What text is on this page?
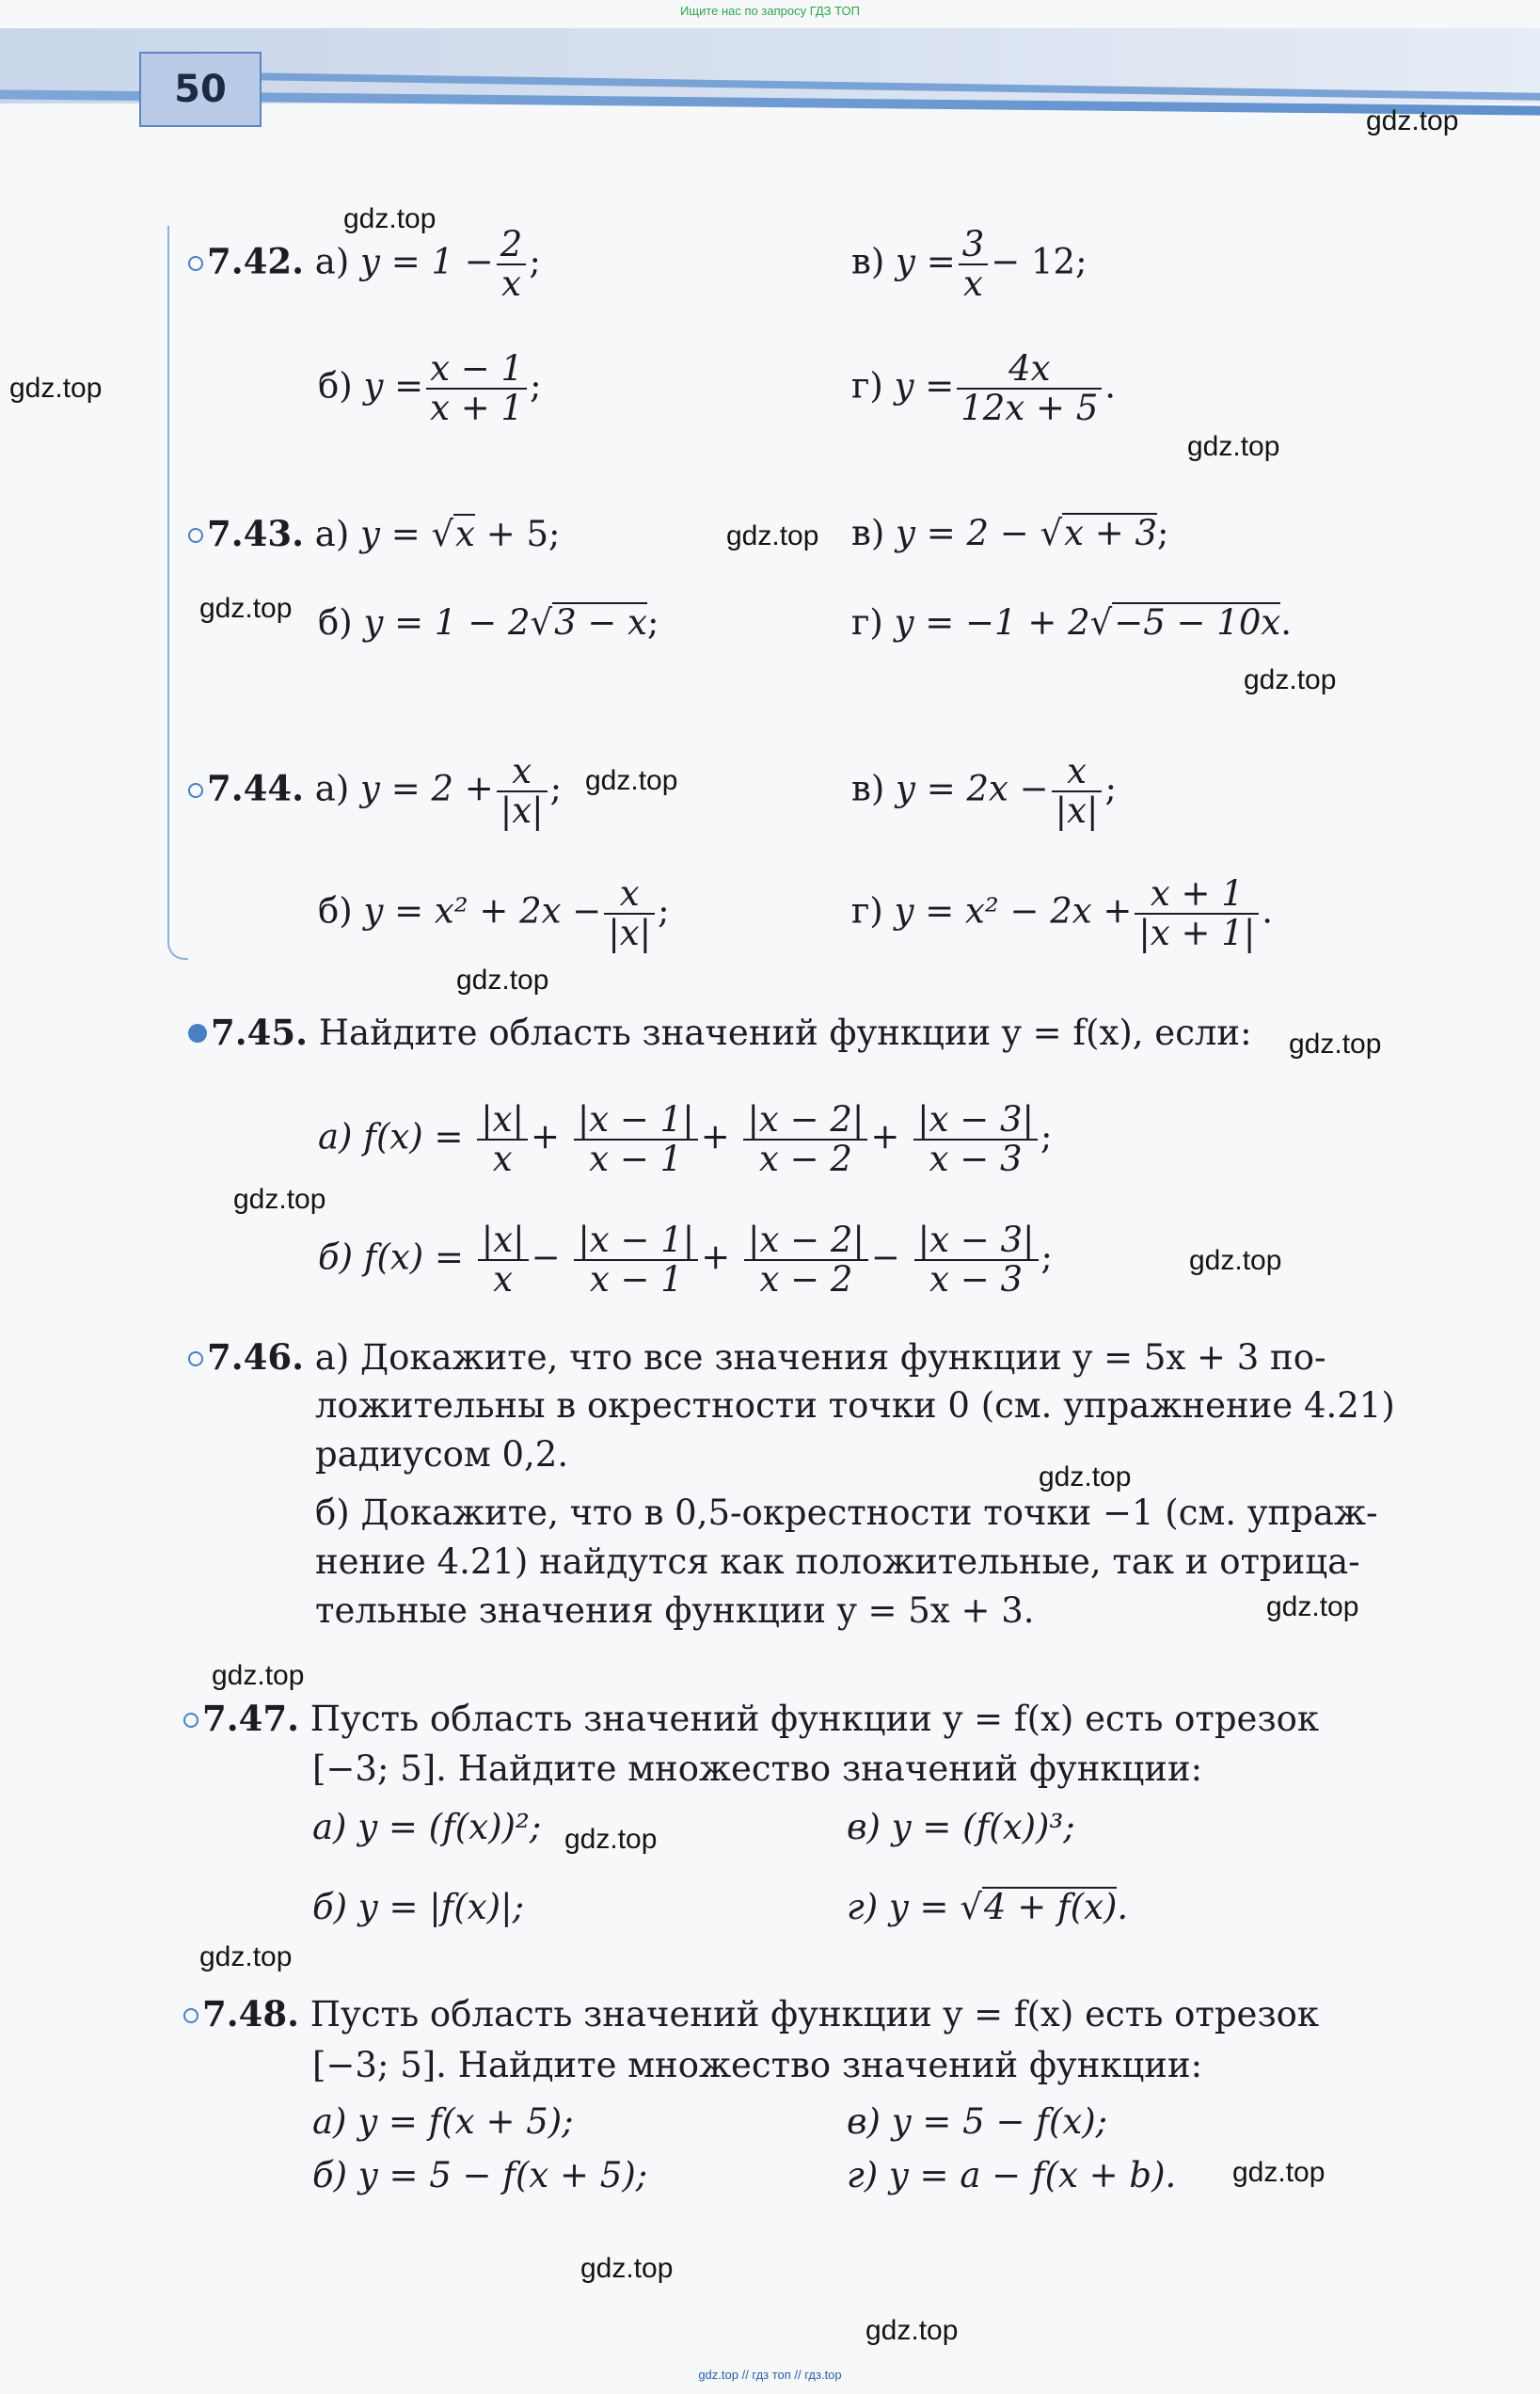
Ищите нас по запросу ГДЗ ТОП
50
gdz.top
gdz.top
gdz.top
gdz.top
gdz.top
gdz.top
gdz.top
gdz.top
gdz.top
gdz.top
gdz.top
gdz.top
gdz.top
gdz.top
gdz.top
gdz.top
gdz.top
gdz.top
gdz.top
gdz.top
7.42. а) $y = 1 - \frac{2}{x}$ ;	в) $y = \frac{3}{x} - 12$;
б) $y = \frac{x - 1}{x + 1}$ ;	г) $y = \frac{4x}{12x + 5}$ .
7.43. а) y = √x + 5;	в) y = 2 − √x + 3;
б) y = 1 − 2√3 − x;	г) y = −1 + 2√−5 − 10x.
7.44. а) $y = 2 + \frac{x}{|x|}$ ;	в) $y = 2x - \frac{x}{|x|}$ ;
б) $y = x^2 + 2x - \frac{x}{|x|}$ ;	г) $y = x^2 - 2x + \frac{x + 1}{|x + 1|}$ .
7.45. Найдите область значений функции y = f(x), если:
а) $f(x) = \frac{|x|}{x} + \frac{|x - 1|}{x - 1} + \frac{|x - 2|}{x - 2} + \frac{|x - 3|}{x - 3}$ ;
б) $f(x) = \frac{|x|}{x} - \frac{|x - 1|}{x - 1} + \frac{|x - 2|}{x - 2} - \frac{|x - 3|}{x - 3}$ ;
7.46. а) Докажите, что все значения функции y = 5x + 3 по-
ложительны в окрестности точки 0 (см. упражнение 4.21)
радиусом 0,2.
б) Докажите, что в 0,5-окрестности точки −1 (см. упраж-
нение 4.21) найдутся как положительные, так и отрица-
тельные значения функции y = 5x + 3.
7.47. Пусть область значений функции y = f(x) есть отрезок
[−3; 5]. Найдите множество значений функции:
а) y = (f(x))²;	в) y = (f(x))³;
б) y = |f(x)|;	г) y = √4 + f(x).
7.48. Пусть область значений функции y = f(x) есть отрезок
[−3; 5]. Найдите множество значений функции:
а) y = f(x + 5);	в) y = 5 − f(x);
б) y = 5 − f(x + 5);	г) y = a − f(x + b).
gdz.top // гдз топ // гдз.top
